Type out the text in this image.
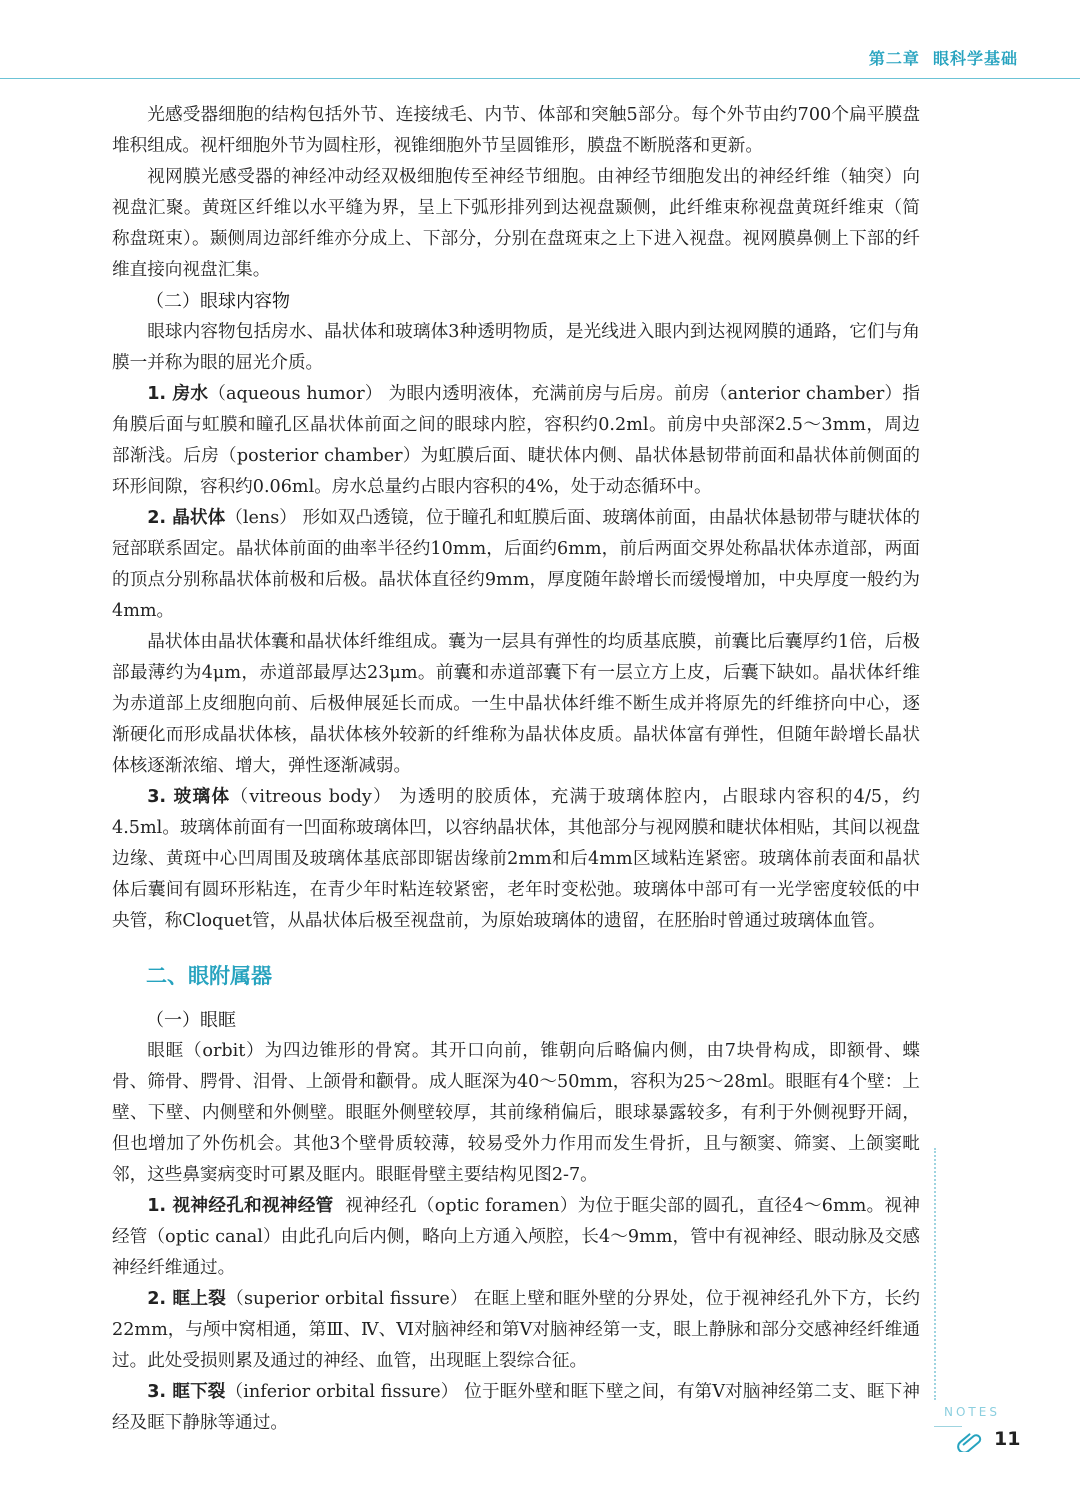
第二章 眼科学基础

光感受器细胞的结构包括外节、连接绒毛、内节、体部和突触5部分。每个外节由约700个扁平膜盘堆积组成。视杆细胞外节为圆柱形，视锥细胞外节呈圆锥形，膜盘不断脱落和更新。

视网膜光感受器的神经冲动经双极细胞传至神经节细胞。由神经节细胞发出的神经纤维（轴突）向视盘汇聚。黄斑区纤维以水平缝为界，呈上下弧形排列到达视盘颞侧，此纤维束称视盘黄斑纤维束（简称盘斑束）。颞侧周边部纤维亦分成上、下部分，分别在盘斑束之上下进入视盘。视网膜鼻侧上下部的纤维直接向视盘汇集。

（二）眼球内容物

眼球内容物包括房水、晶状体和玻璃体3种透明物质，是光线进入眼内到达视网膜的通路，它们与角膜一并称为眼的屈光介质。

1. 房水（aqueous humor） 为眼内透明液体，充满前房与后房。前房（anterior chamber）指角膜后面与虹膜和瞳孔区晶状体前面之间的眼球内腔，容积约0.2ml。前房中央部深2.5～3mm，周边部渐浅。后房（posterior chamber）为虹膜后面、睫状体内侧、晶状体悬韧带前面和晶状体前侧面的环形间隙，容积约0.06ml。房水总量约占眼内容积的4%，处于动态循环中。

2. 晶状体（lens） 形如双凸透镜，位于瞳孔和虹膜后面、玻璃体前面，由晶状体悬韧带与睫状体的冠部联系固定。晶状体前面的曲率半径约10mm，后面约6mm，前后两面交界处称晶状体赤道部，两面的顶点分别称晶状体前极和后极。晶状体直径约9mm，厚度随年龄增长而缓慢增加，中央厚度一般约为4mm。

晶状体由晶状体囊和晶状体纤维组成。囊为一层具有弹性的均质基底膜，前囊比后囊厚约1倍，后极部最薄约为4μm，赤道部最厚达23μm。前囊和赤道部囊下有一层立方上皮，后囊下缺如。晶状体纤维为赤道部上皮细胞向前、后极伸展延长而成。一生中晶状体纤维不断生成并将原先的纤维挤向中心，逐渐硬化而形成晶状体核，晶状体核外较新的纤维称为晶状体皮质。晶状体富有弹性，但随年龄增长晶状体核逐渐浓缩、增大，弹性逐渐减弱。

3. 玻璃体（vitreous body） 为透明的胶质体，充满于玻璃体腔内，占眼球内容积的4/5，约4.5ml。玻璃体前面有一凹面称玻璃体凹，以容纳晶状体，其他部分与视网膜和睫状体相贴，其间以视盘边缘、黄斑中心凹周围及玻璃体基底部即锯齿缘前2mm和后4mm区域粘连紧密。玻璃体前表面和晶状体后囊间有圆环形粘连，在青少年时粘连较紧密，老年时变松弛。玻璃体中部可有一光学密度较低的中央管，称Cloquet管，从晶状体后极至视盘前，为原始玻璃体的遗留，在胚胎时曾通过玻璃体血管。

二、眼附属器
（一）眼眶

眼眶（orbit）为四边锥形的骨窝。其开口向前，锥朝向后略偏内侧，由7块骨构成，即额骨、蝶骨、筛骨、腭骨、泪骨、上颌骨和颧骨。成人眶深为40～50mm，容积为25～28ml。眼眶有4个壁：上壁、下壁、内侧壁和外侧壁。眼眶外侧壁较厚，其前缘稍偏后，眼球暴露较多，有利于外侧视野开阔，但也增加了外伤机会。其他3个壁骨质较薄，较易受外力作用而发生骨折，且与额窦、筛窦、上颌窦毗邻，这些鼻窦病变时可累及眶内。眼眶骨壁主要结构见图2-7。

1. 视神经孔和视神经管 视神经孔（optic foramen）为位于眶尖部的圆孔，直径4～6mm。视神经管（optic canal）由此孔向后内侧，略向上方通入颅腔，长4～9mm，管中有视神经、眼动脉及交感神经纤维通过。

2. 眶上裂（superior orbital fissure） 在眶上壁和眶外壁的分界处，位于视神经孔外下方，长约22mm，与颅中窝相通，第Ⅲ、Ⅳ、Ⅵ对脑神经和第Ⅴ对脑神经第一支，眼上静脉和部分交感神经纤维通过。此处受损则累及通过的神经、血管，出现眶上裂综合征。

3. 眶下裂（inferior orbital fissure） 位于眶外壁和眶下壁之间，有第Ⅴ对脑神经第二支、眶下神经及眶下静脉等通过。

NOTES
11
